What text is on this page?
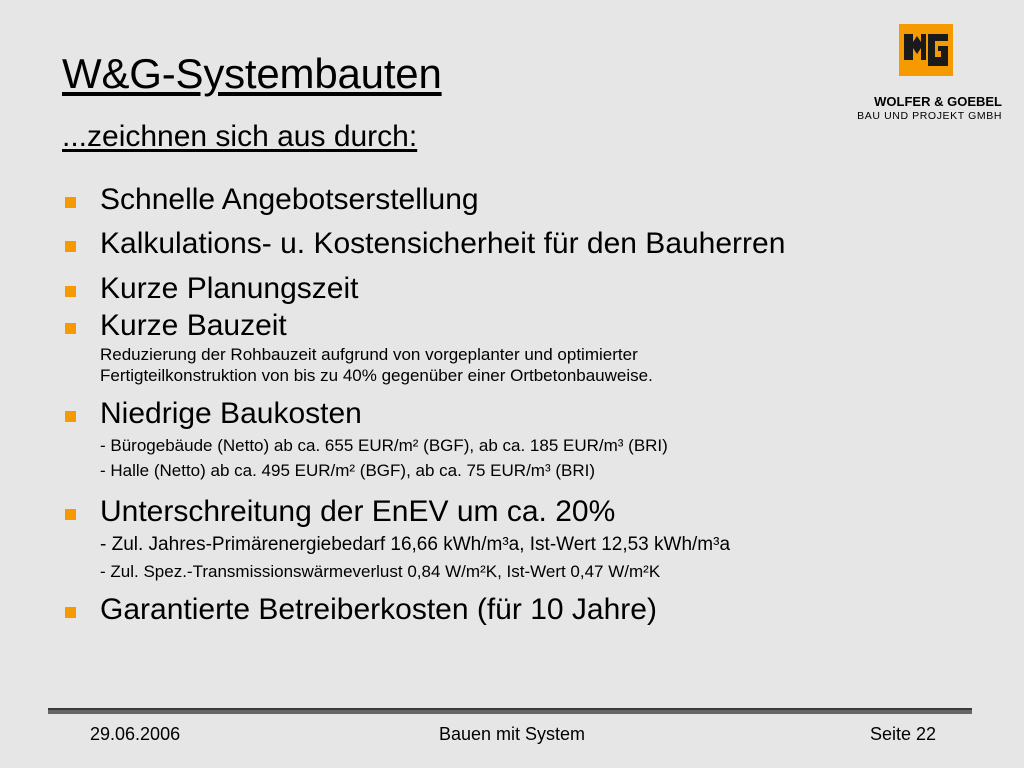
W&G-Systembauten
...zeichnen sich aus durch:
WOLFER & GOEBEL
BAU UND PROJEKT GMBH
Schnelle Angebotserstellung
Kalkulations- u. Kostensicherheit für den Bauherren
Kurze Planungszeit
Kurze Bauzeit
Reduzierung der Rohbauzeit aufgrund von vorgeplanter und optimierter
Fertigteilkonstruktion von bis zu 40% gegenüber einer Ortbetonbauweise.
Niedrige Baukosten
- Bürogebäude (Netto) ab ca. 655 EUR/m² (BGF), ab ca. 185 EUR/m³ (BRI)
- Halle (Netto) ab ca. 495 EUR/m² (BGF), ab ca. 75 EUR/m³ (BRI)
Unterschreitung der EnEV um ca. 20%
- Zul. Jahres-Primärenergiebedarf 16,66 kWh/m³a, Ist-Wert 12,53 kWh/m³a
- Zul. Spez.-Transmissionswärmeverlust 0,84 W/m²K, Ist-Wert 0,47 W/m²K
Garantierte Betreiberkosten (für 10 Jahre)
29.06.2006	Bauen mit System	Seite 22
